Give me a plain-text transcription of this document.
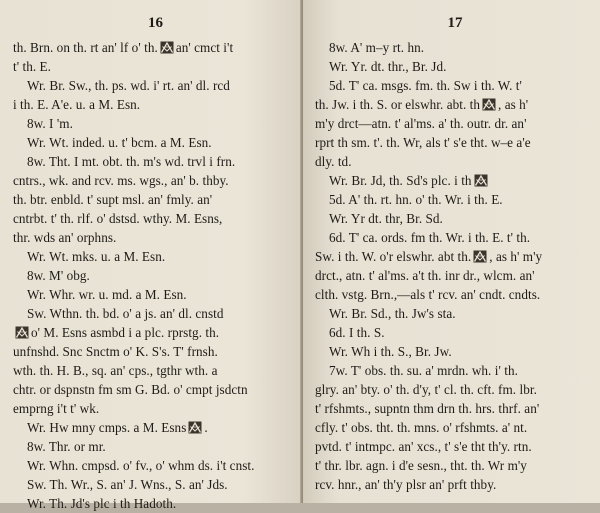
16
th. Brn. on th. rt an' lf o' th. an' cmct i't
t' th. E.
Wr. Br. Sw., th. ps. wd. i' rt. an' dl. rcd
i th. E. A'e. u. a M. Esn.
8w. I 'm.
Wr. Wt. inded. u. t' bcm. a M. Esn.
8w. Tht. I mt. obt. th. m's wd. trvl i frn.
cntrs., wk. and rcv. ms. wgs., an' b. thby.
th. btr. enbld. t' supt msl. an' fmly. an'
cntrbt. t' th. rlf. o' dstsd. wthy. M. Esns,
thr. wds an' orphns.
Wr. Wt. mks. u. a M. Esn.
8w. M' obg.
Wr. Whr. wr. u. md. a M. Esn.
Sw. Wthn. th. bd. o' a js. an' dl. cnstd
o' M. Esns asmbd i a plc. rprstg. th.
unfnshd. Snc Snctm o' K. S's. T' frnsh.
wth. th. H. B., sq. an' cps., tgthr wth. a
chtr. or dspnstn fm sm G. Bd. o' cmpt jsdctn
emprng i't t' wk.
Wr. Hw mny cmps. a M. Esns .
8w. Thr. or mr.
Wr. Whn. cmpsd. o' fv., o' whm ds. i't cnst.
Sw. Th. Wr., S. an' J. Wns., S. an' Jds.
Wr. Th. Jd's plc i th Hadoth.
17
8w. A' m–y rt. hn.
Wr. Yr. dt. thr., Br. Jd.
5d. T' ca. msgs. fm. th. Sw i th. W. t'
th. Jw. i th. S. or elswhr. abt. th , as h'
m'y drct—atn. t' al'ms. a' th. outr. dr. an'
rprt th sm. t'. th. Wr, als t' s'e tht. w–e a'e
dly. td.
Wr. Br. Jd, th. Sd's plc. i th
5d. A' th. rt. hn. o' th. Wr. i th. E.
Wr. Yr dt. thr, Br. Sd.
6d. T' ca. ords. fm th. Wr. i th. E. t' th.
Sw. i th. W. o'r elswhr. abt th. , as h' m'y
drct., atn. t' al'ms. a't th. inr dr., wlcm. an'
clth. vstg. Brn.,—als t' rcv. an' cndt. cndts.
Wr. Br. Sd., th. Jw's sta.
6d. I th. S.
Wr. Wh i th. S., Br. Jw.
7w. T' obs. th. su. a' mrdn. wh. i' th.
glry. an' bty. o' th. d'y, t' cl. th. cft. fm. lbr.
t' rfshmts., supntn thm drn th. hrs. thrf. an'
cfly. t' obs. tht. th. mns. o' rfshmts. a' nt.
pvtd. t' intmpc. an' xcs., t' s'e tht th'y. rtn.
t' thr. lbr. agn. i d'e sesn., tht. th. Wr m'y
rcv. hnr., an' th'y plsr an' prft thby.
